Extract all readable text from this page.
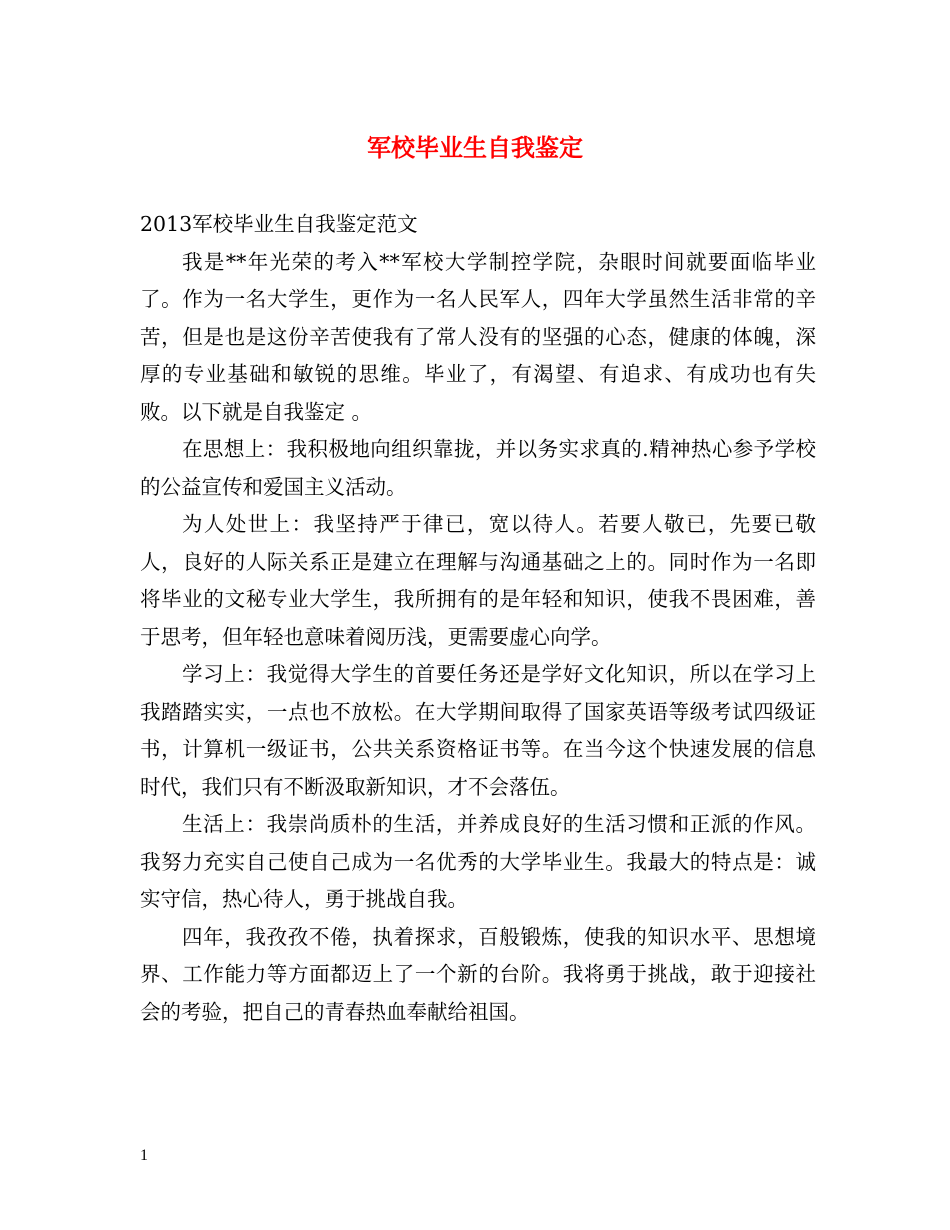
军校毕业生自我鉴定

2013军校毕业生自我鉴定范文

我是**年光荣的考入**军校大学制控学院，杂眼时间就要面临毕业了。作为一名大学生，更作为一名人民军人，四年大学虽然生活非常的辛苦，但是也是这份辛苦使我有了常人没有的坚强的心态，健康的体魄，深厚的专业基础和敏锐的思维。毕业了，有渴望、有追求、有成功也有失败。以下就是自我鉴定 。

在思想上：我积极地向组织靠拢，并以务实求真的.精神热心参予学校的公益宣传和爱国主义活动。

为人处世上：我坚持严于律已，宽以待人。若要人敬已，先要已敬人，良好的人际关系正是建立在理解与沟通基础之上的。同时作为一名即将毕业的文秘专业大学生，我所拥有的是年轻和知识，使我不畏困难，善于思考，但年轻也意味着阅历浅，更需要虚心向学。

学习上：我觉得大学生的首要任务还是学好文化知识，所以在学习上我踏踏实实，一点也不放松。在大学期间取得了国家英语等级考试四级证书，计算机一级证书，公共关系资格证书等。在当今这个快速发展的信息时代，我们只有不断汲取新知识，才不会落伍。

生活上：我崇尚质朴的生活，并养成良好的生活习惯和正派的作风。我努力充实自己使自己成为一名优秀的大学毕业生。我最大的特点是：诚实守信，热心待人，勇于挑战自我。

四年，我孜孜不倦，执着探求，百般锻炼，使我的知识水平、思想境界、工作能力等方面都迈上了一个新的台阶。我将勇于挑战，敢于迎接社会的考验，把自己的青春热血奉献给祖国。

1
